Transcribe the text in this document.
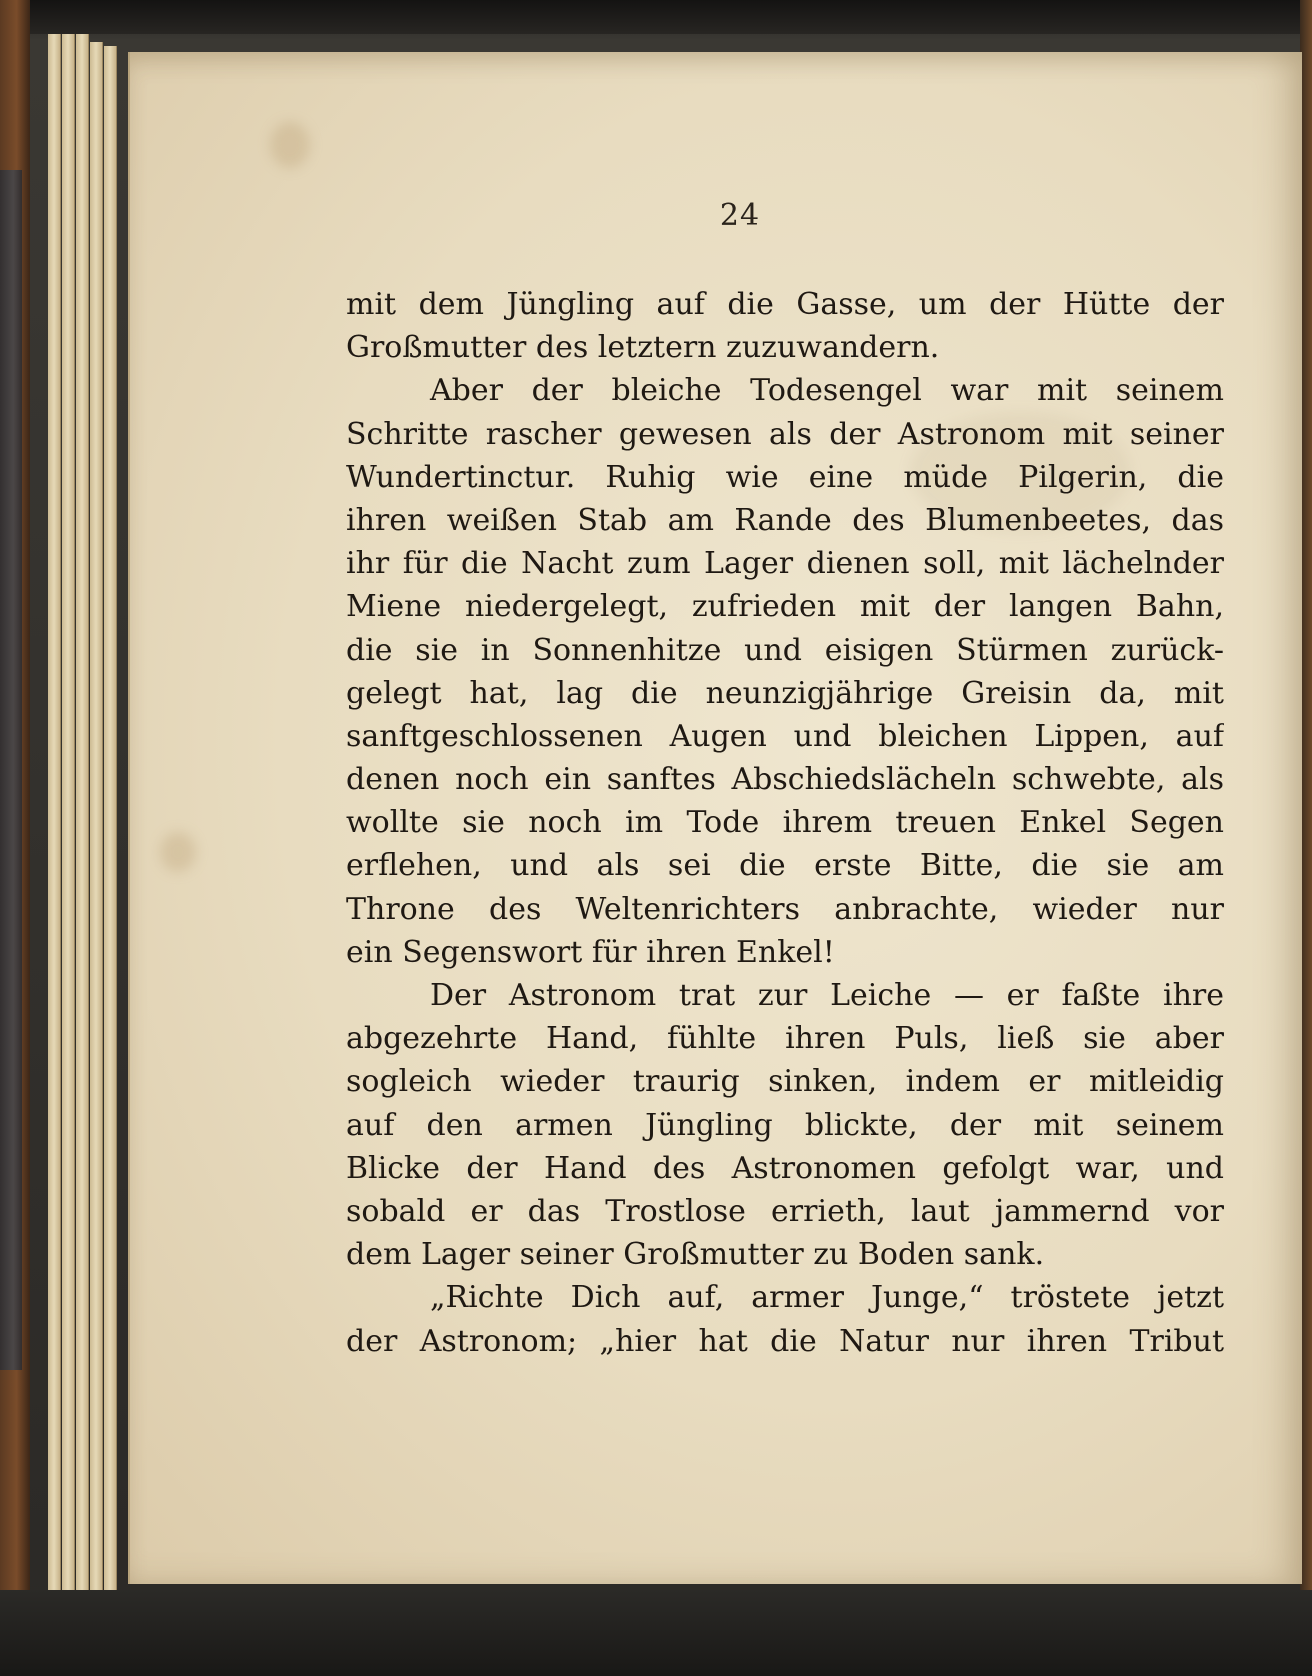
24
mit dem Jüngling auf die Gasse, um der Hütte der
Großmutter des letztern zuzuwandern.
Aber der bleiche Todesengel war mit seinem
Schritte rascher gewesen als der Astronom mit seiner
Wundertinctur. Ruhig wie eine müde Pilgerin, die
ihren weißen Stab am Rande des Blumenbeetes, das
ihr für die Nacht zum Lager dienen soll, mit lächelnder
Miene niedergelegt, zufrieden mit der langen Bahn,
die sie in Sonnenhitze und eisigen Stürmen zurück-
gelegt hat, lag die neunzigjährige Greisin da, mit
sanftgeschlossenen Augen und bleichen Lippen, auf
denen noch ein sanftes Abschiedslächeln schwebte, als
wollte sie noch im Tode ihrem treuen Enkel Segen
erflehen, und als sei die erste Bitte, die sie am
Throne des Weltenrichters anbrachte, wieder nur
ein Segenswort für ihren Enkel!
Der Astronom trat zur Leiche — er faßte ihre
abgezehrte Hand, fühlte ihren Puls, ließ sie aber
sogleich wieder traurig sinken, indem er mitleidig
auf den armen Jüngling blickte, der mit seinem
Blicke der Hand des Astronomen gefolgt war, und
sobald er das Trostlose errieth, laut jammernd vor
dem Lager seiner Großmutter zu Boden sank.
„Richte Dich auf, armer Junge,“ tröstete jetzt
der Astronom; „hier hat die Natur nur ihren Tribut
